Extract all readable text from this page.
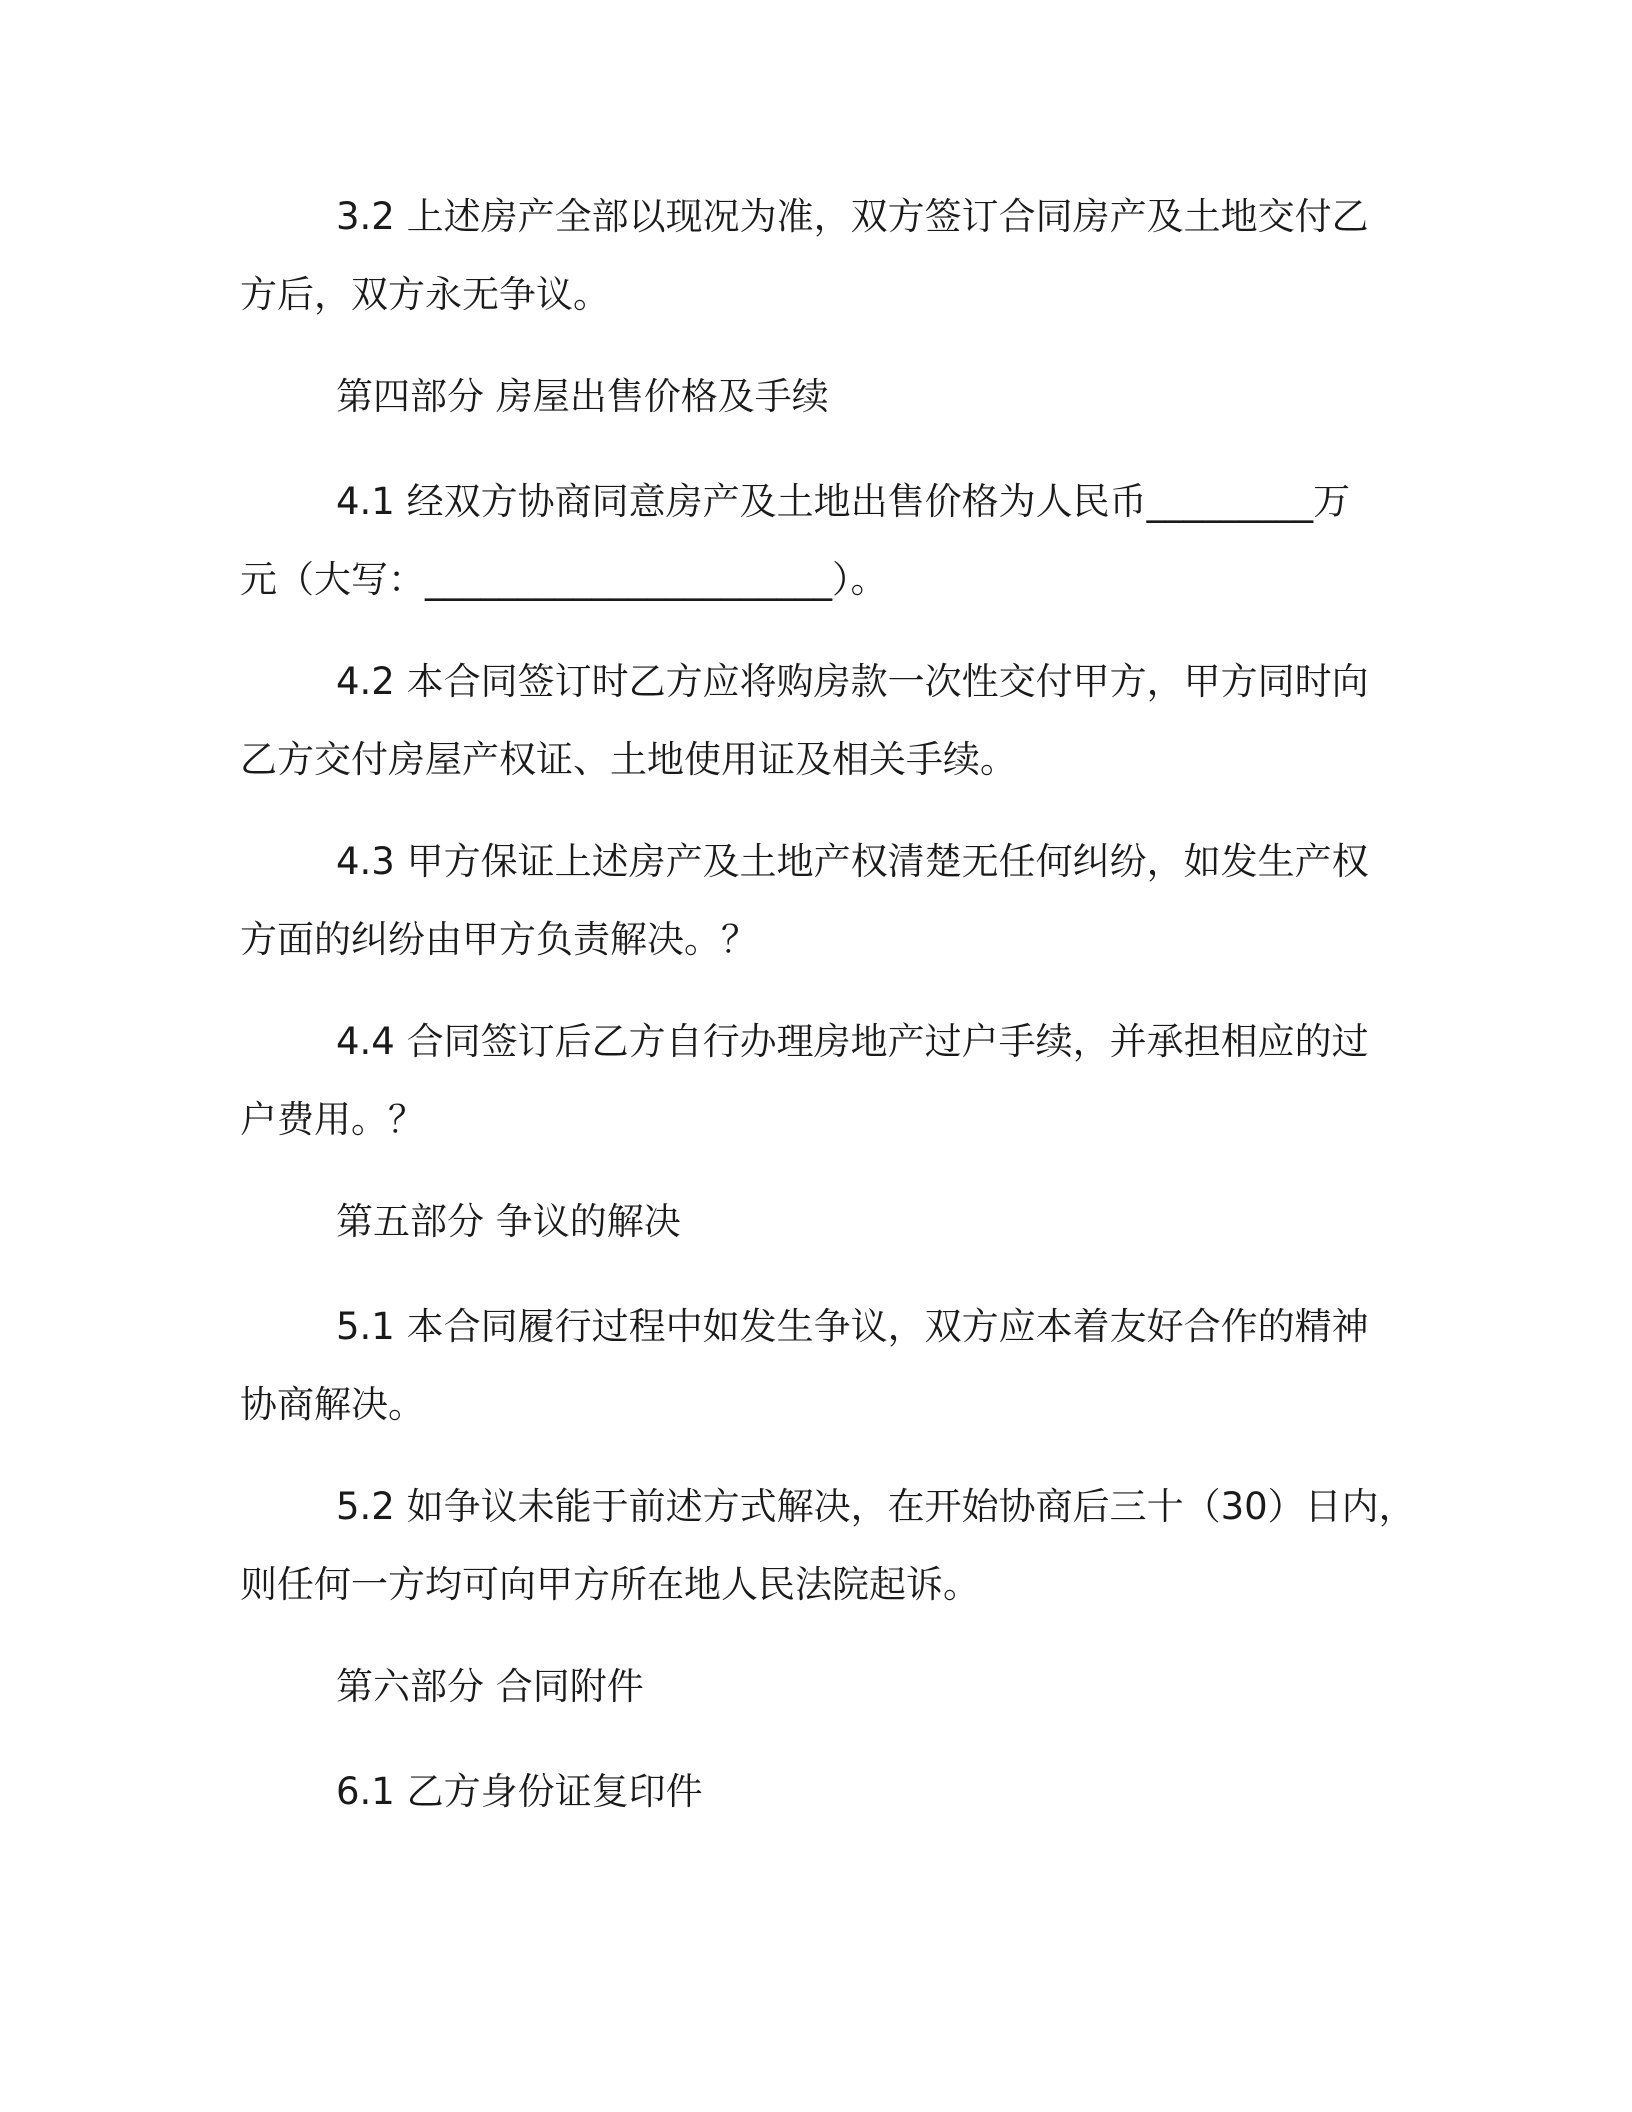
3.2 上述房产全部以现况为准，双方签订合同房产及土地交付乙
方后，双方永无争议。
第四部分 房屋出售价格及手续
4.1 经双方协商同意房产及土地出售价格为人民币_________万
元（大写：______________________）。
4.2 本合同签订时乙方应将购房款一次性交付甲方，甲方同时向
乙方交付房屋产权证、土地使用证及相关手续。
4.3 甲方保证上述房产及土地产权清楚无任何纠纷，如发生产权
方面的纠纷由甲方负责解决。？
4.4 合同签订后乙方自行办理房地产过户手续，并承担相应的过
户费用。？
第五部分 争议的解决
5.1 本合同履行过程中如发生争议，双方应本着友好合作的精神
协商解决。
5.2 如争议未能于前述方式解决，在开始协商后三十（30）日内，
则任何一方均可向甲方所在地人民法院起诉。
第六部分 合同附件
6.1 乙方身份证复印件
